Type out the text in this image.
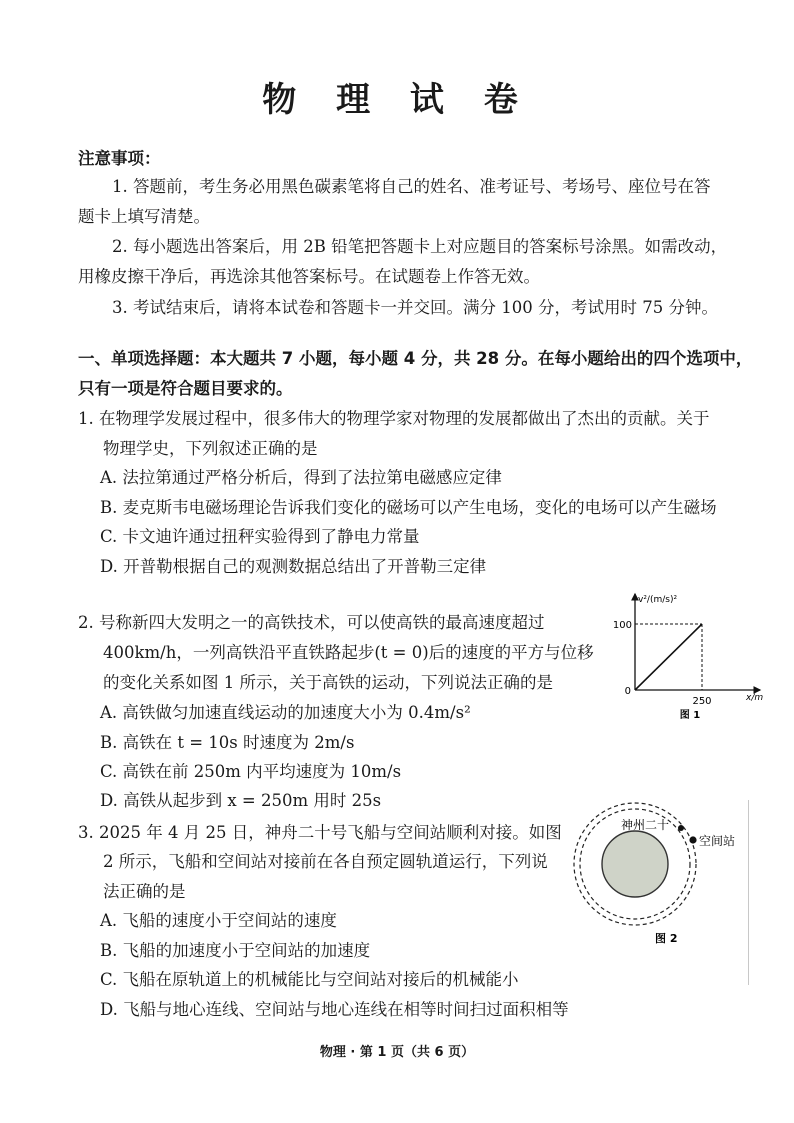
物 理 试 卷
注意事项：
1. 答题前，考生务必用黑色碳素笔将自己的姓名、准考证号、考场号、座位号在答
题卡上填写清楚。
2. 每小题选出答案后，用 2B 铅笔把答题卡上对应题目的答案标号涂黑。如需改动，
用橡皮擦干净后，再选涂其他答案标号。在试题卷上作答无效。
3. 考试结束后，请将本试卷和答题卡一并交回。满分 100 分，考试用时 75 分钟。
一、单项选择题：本大题共 7 小题，每小题 4 分，共 28 分。在每小题给出的四个选项中，
只有一项是符合题目要求的。
1. 在物理学发展过程中，很多伟大的物理学家对物理的发展都做出了杰出的贡献。关于
物理学史，下列叙述正确的是
A. 法拉第通过严格分析后，得到了法拉第电磁感应定律
B. 麦克斯韦电磁场理论告诉我们变化的磁场可以产生电场，变化的电场可以产生磁场
C. 卡文迪许通过扭秤实验得到了静电力常量
D. 开普勒根据自己的观测数据总结出了开普勒三定律
2. 号称新四大发明之一的高铁技术，可以使高铁的最高速度超过
400km/h，一列高铁沿平直铁路起步(t = 0)后的速度的平方与位移
的变化关系如图 1 所示，关于高铁的运动，下列说法正确的是
A. 高铁做匀加速直线运动的加速度大小为 0.4m/s²
B. 高铁在 t = 10s 时速度为 2m/s
C. 高铁在前 250m 内平均速度为 10m/s
D. 高铁从起步到 x = 250m 用时 25s
v²/(m/s)²
100
0
250	x/m
图 1
3. 2025 年 4 月 25 日，神舟二十号飞船与空间站顺利对接。如图
2 所示，飞船和空间站对接前在各自预定圆轨道运行，下列说
法正确的是
A. 飞船的速度小于空间站的速度
B. 飞船的加速度小于空间站的加速度
C. 飞船在原轨道上的机械能比与空间站对接后的机械能小
D. 飞船与地心连线、空间站与地心连线在相等时间扫过面积相等
神州二十
空间站
图 2
物理 · 第 1 页（共 6 页）
